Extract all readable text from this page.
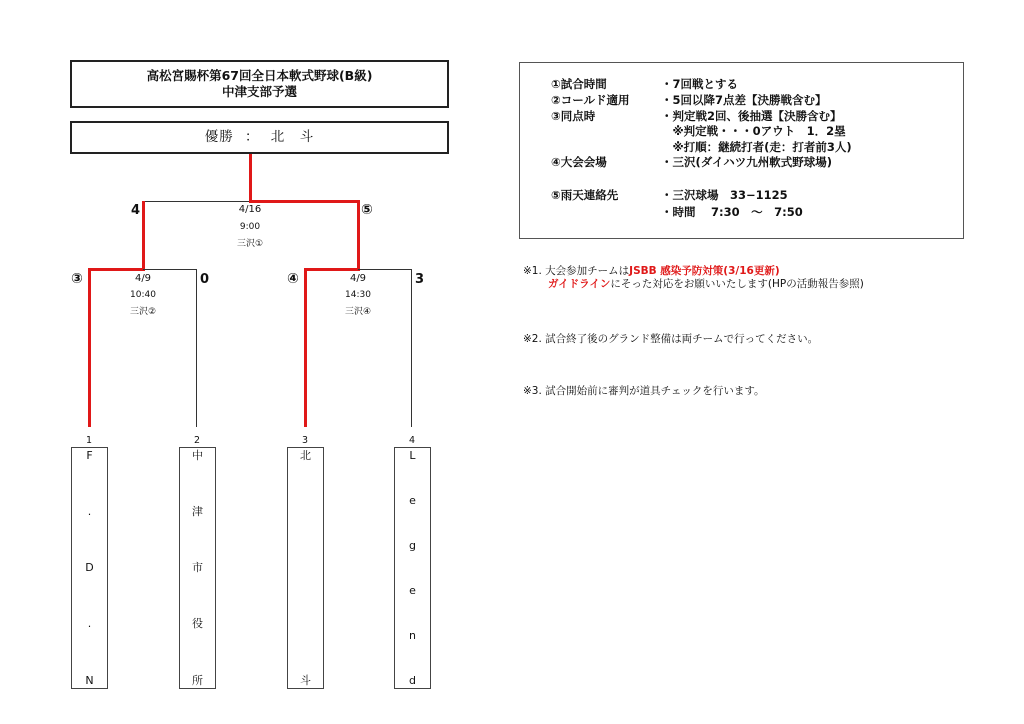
高松宮賜杯第67回全日本軟式野球(B級)
中津支部予選
優勝 ： 北　斗
①試合時間	・7回戦とする
②コールド適用	・5回以降7点差【決勝戦含む】
③同点時	・判定戦2回、後抽選【決勝含む】
　※判定戦・・・0アウト　1．2塁
　※打順：継続打者(走：打者前3人)
④大会会場	・三沢(ダイハツ九州軟式野球場)
⑤雨天連絡先	・三沢球場　33−1125
・時間　 7:30　～　7:50
※1. 大会参加チームはJSBB 感染予防対策(3/16更新)
ガイドラインにそった対応をお願いいたします(HPの活動報告参照)
※2. 試合終了後のグランド整備は両チームで行ってください。
※3. 試合開始前に審判が道具チェックを行います。
4	⑤
4/16
9:00
三沢①
③	0
4/9
10:40
三沢②
④	3
4/9
14:30
三沢④
1	2	3	4
F
.
D
.
N
中
津
市
役
所
北
斗
L
e
g
e
n
d
